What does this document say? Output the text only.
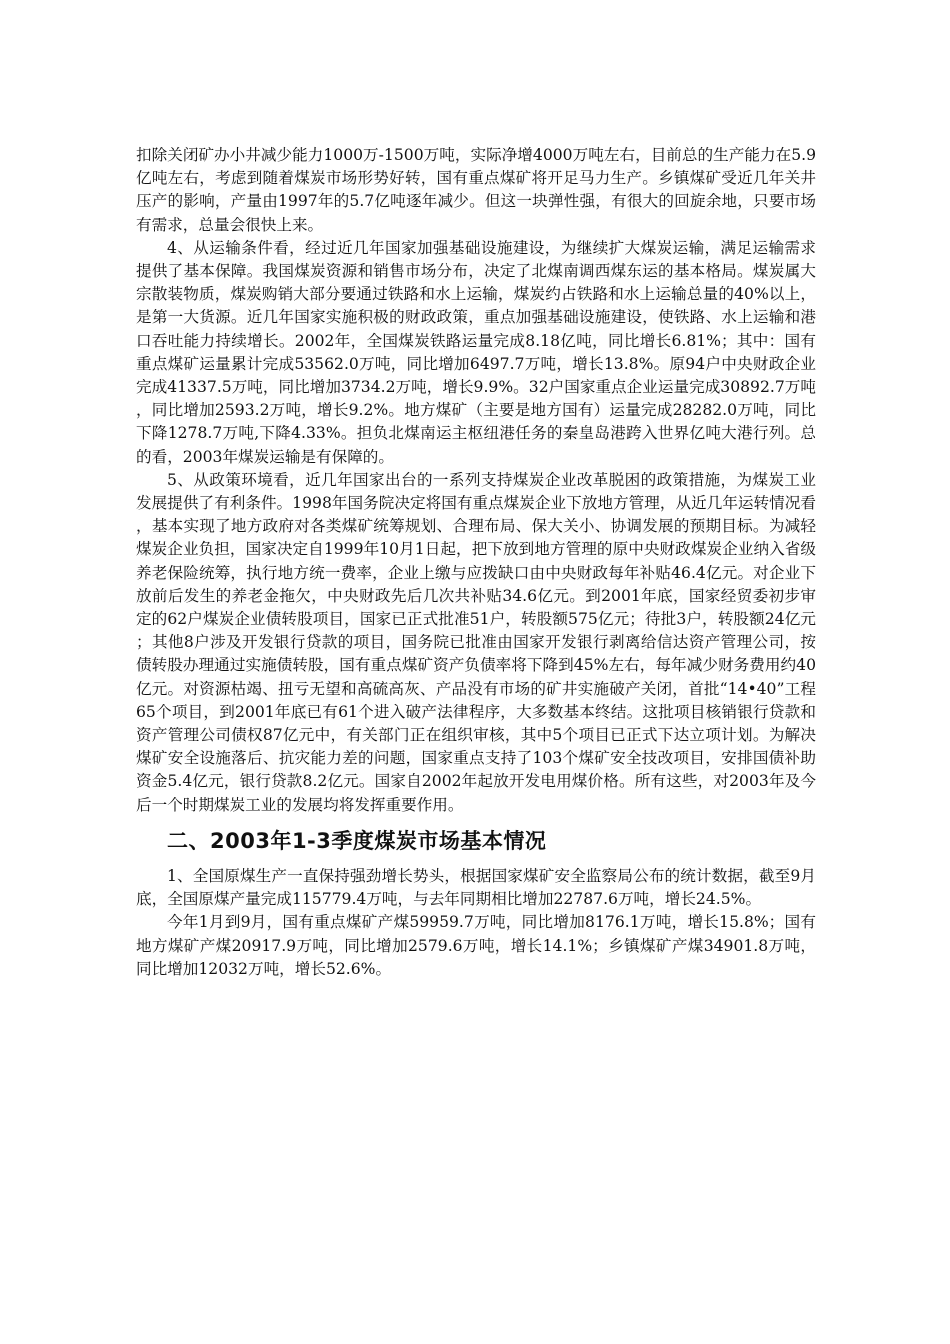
扣除关闭矿办小井减少能力1000万-1500万吨，实际净增4000万吨左右，目前总的生产能力在5.9亿吨左右，考虑到随着煤炭市场形势好转，国有重点煤矿将开足马力生产。乡镇煤矿受近几年关井压产的影响，产量由1997年的5.7亿吨逐年减少。但这一块弹性强，有很大的回旋余地，只要市场有需求，总量会很快上来。

4、从运输条件看，经过近几年国家加强基础设施建设，为继续扩大煤炭运输，满足运输需求提供了基本保障。我国煤炭资源和销售市场分布，决定了北煤南调西煤东运的基本格局。煤炭属大宗散装物质，煤炭购销大部分要通过铁路和水上运输，煤炭约占铁路和水上运输总量的40%以上，是第一大货源。近几年国家实施积极的财政政策，重点加强基础设施建设，使铁路、水上运输和港口吞吐能力持续增长。2002年，全国煤炭铁路运量完成8.18亿吨，同比增长6.81%；其中：国有重点煤矿运量累计完成53562.0万吨，同比增加6497.7万吨，增长13.8%。原94户中央财政企业完成41337.5万吨，同比增加3734.2万吨，增长9.9%。32户国家重点企业运量完成30892.7万吨，同比增加2593.2万吨，增长9.2%。地方煤矿（主要是地方国有）运量完成28282.0万吨，同比下降1278.7万吨,下降4.33%。担负北煤南运主枢纽港任务的秦皇岛港跨入世界亿吨大港行列。总的看，2003年煤炭运输是有保障的。

5、从政策环境看，近几年国家出台的一系列支持煤炭企业改革脱困的政策措施，为煤炭工业发展提供了有利条件。1998年国务院决定将国有重点煤炭企业下放地方管理，从近几年运转情况看，基本实现了地方政府对各类煤矿统筹规划、合理布局、保大关小、协调发展的预期目标。为减轻煤炭企业负担，国家决定自1999年10月1日起，把下放到地方管理的原中央财政煤炭企业纳入省级养老保险统筹，执行地方统一费率，企业上缴与应拨缺口由中央财政每年补贴46.4亿元。对企业下放前后发生的养老金拖欠，中央财政先后几次共补贴34.6亿元。到2001年底，国家经贸委初步审定的62户煤炭企业债转股项目，国家已正式批准51户，转股额575亿元；待批3户，转股额24亿元；其他8户涉及开发银行贷款的项目，国务院已批准由国家开发银行剥离给信达资产管理公司，按债转股办理通过实施债转股，国有重点煤矿资产负债率将下降到45%左右，每年减少财务费用约40亿元。对资源枯竭、扭亏无望和高硫高灰、产品没有市场的矿井实施破产关闭，首批“14•40”工程65个项目，到2001年底已有61个进入破产法律程序，大多数基本终结。这批项目核销银行贷款和资产管理公司债权87亿元中，有关部门正在组织审核，其中5个项目已正式下达立项计划。为解决煤矿安全设施落后、抗灾能力差的问题，国家重点支持了103个煤矿安全技改项目，安排国债补助资金5.4亿元，银行贷款8.2亿元。国家自2002年起放开发电用煤价格。所有这些，对2003年及今后一个时期煤炭工业的发展均将发挥重要作用。

二、2003年1-3季度煤炭市场基本情况

1、全国原煤生产一直保持强劲增长势头，根据国家煤矿安全监察局公布的统计数据，截至9月底，全国原煤产量完成115779.4万吨，与去年同期相比增加22787.6万吨，增长24.5%。

今年1月到9月，国有重点煤矿产煤59959.7万吨，同比增加8176.1万吨，增长15.8%；国有地方煤矿产煤20917.9万吨，同比增加2579.6万吨，增长14.1%；乡镇煤矿产煤34901.8万吨，同比增加12032万吨，增长52.6%。
